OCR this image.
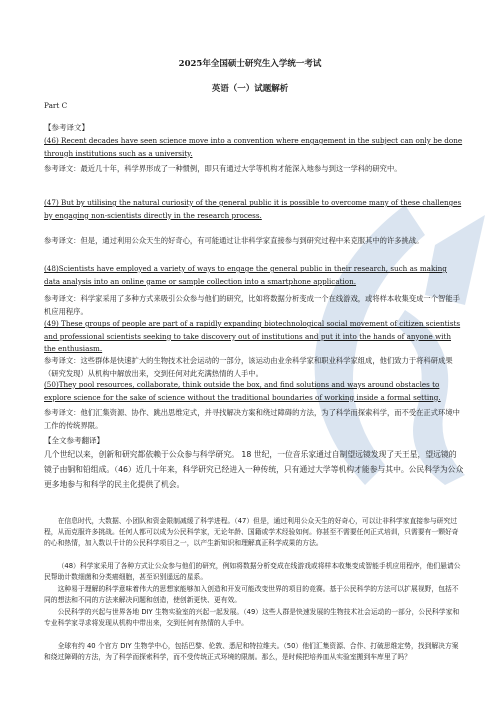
2025年全国硕士研究生入学统一考试
英语（一）试题解析
Part C
【参考译文】

(46) Recent decades have seen science move into a convention where engagement in the subject can only be done through institutions such as a university.

参考译文：最近几十年，科学界形成了一种惯例，即只有通过大学等机构才能深入地参与到这一学科的研究中。

(47) But by utilising the natural curiosity of the general public it is possible to overcome many of these challenges by engaging non-scientists directly in the research process.

参考译文：但是，通过利用公众天生的好奇心，有可能通过让非科学家直接参与到研究过程中来克服其中的许多挑战。

(48)Scientists have employed a variety of ways to engage the general public in their research, such as making data analysis into an online game or sample collection into a smartphone application.

参考译文：科学家采用了多种方式来吸引公众参与他们的研究，比如将数据分析变成一个在线游戏，或将样本收集变成一个智能手机应用程序。

(49) These groups of people are part of a rapidly expanding biotechnological social movement of citizen scientists and professional scientists seeking to take discovery out of institutions and put it into the hands of anyone with the enthusiasm.

参考译文：这些群体是快速扩大的生物技术社会运动的一部分，该运动由业余科学家和职业科学家组成，他们致力于将科研成果（研究发现）从机构中解放出来，交到任何对此充满热情的人手中。

(50)They pool resources, collaborate, think outside the box, and find solutions and ways around obstacles to explore science for the sake of science without the traditional boundaries of working inside a formal setting.

参考译文：他们汇集资源、协作、跳出思维定式，并寻找解决方案和绕过障碍的方法，为了科学而探索科学，而不受在正式环境中工作的传统界限。

【全文参考翻译】

几个世纪以来，创新和研究都依赖于公众参与科学研究。 18 世纪，一位音乐家通过自制望远镜发现了天王星，望远镜的镜子由铜和铅组成。（46）近几十年来，科学研究已经进入一种传统，只有通过大学等机构才能参与其中。公民科学为公众更多地参与和科学的民主化提供了机会。

在信息时代，大数据、小团队和资金限制减缓了科学进程。（47）但是，通过利用公众天生的好奇心，可以让非科学家直接参与研究过程，从而克服许多挑战。任何人都可以成为公民科学家，无论年龄、国籍或学术经验如何。你甚至不需要任何正式培训，只需要有一颗好奇的心和热情，加入数以千计的公民科学项目之一，以产生新知识和理解真正科学成果的方法。

（48）科学家采用了各种方式让公众参与他们的研究，例如将数据分析变成在线游戏或将样本收集变成智能手机应用程序，他们悬请公民帮助计数细菌和分类癌细胞，甚至识别遥远的星系。

这种易于理解的科学意味着伟大的思想家能够加入创造和开发可能改变世界的项目的竞赛。基于公民科学的方法可以扩展视野，包括不同的想法和不同的方法来解决问题和创造，使创新更快、更有效。

公民科学的兴起与世界各地 DIY 生物实验室的兴起一起发展。（49）这些人群是快速发展的生物技术社会运动的一部分，公民科学家和专业科学家寻求将发现从机构中带出来，交到任何有热情的人手中。

全球有约 40 个官方 DIY 生物学中心，包括巴黎、伦敦、悉尼和特拉维夫。（50）他们汇集资源、合作、打破思维定势，找到解决方案和绕过障碍的方法，为了科学而探索科学，而不受传统正式环境的限制。那么，是时候把培养皿从实验室搬到车库里了吗？
